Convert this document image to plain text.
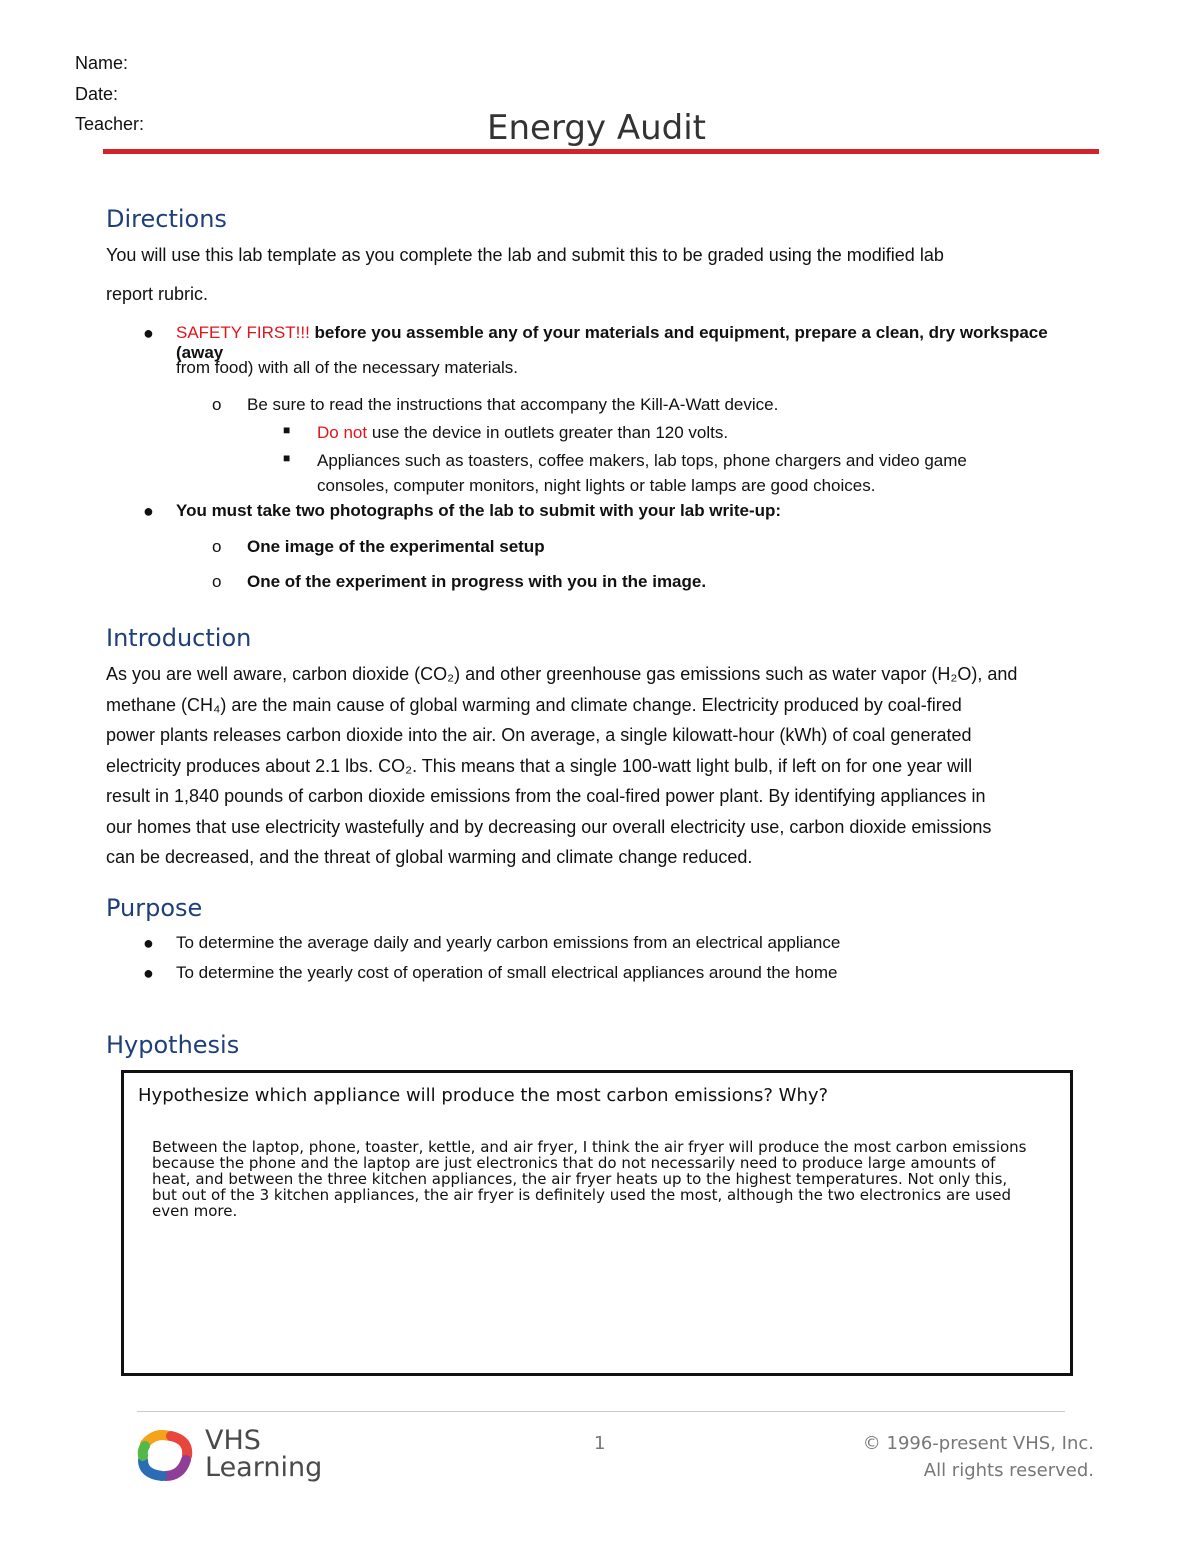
Name:
Date:
Teacher:	Energy Audit
Directions
You will use this lab template as you complete the lab and submit this to be graded using the modified lab
report rubric.
● SAFETY FIRST!!! before you assemble any of your materials and equipment, prepare a clean, dry workspace (away
from food) with all of the necessary materials.
o Be sure to read the instructions that accompany the Kill-A-Watt device.
■ Do not use the device in outlets greater than 120 volts.
■ Appliances such as toasters, coffee makers, lab tops, phone chargers and video game
consoles, computer monitors, night lights or table lamps are good choices.
● You must take two photographs of the lab to submit with your lab write-up:
o One image of the experimental setup
o One of the experiment in progress with you in the image.
Introduction
As you are well aware, carbon dioxide (CO₂) and other greenhouse gas emissions such as water vapor (H₂O), and
methane (CH₄) are the main cause of global warming and climate change. Electricity produced by coal-fired
power plants releases carbon dioxide into the air. On average, a single kilowatt-hour (kWh) of coal generated
electricity produces about 2.1 lbs. CO₂. This means that a single 100-watt light bulb, if left on for one year will
result in 1,840 pounds of carbon dioxide emissions from the coal-fired power plant. By identifying appliances in
our homes that use electricity wastefully and by decreasing our overall electricity use, carbon dioxide emissions
can be decreased, and the threat of global warming and climate change reduced.
Purpose
● To determine the average daily and yearly carbon emissions from an electrical appliance
● To determine the yearly cost of operation of small electrical appliances around the home
Hypothesis
Hypothesize which appliance will produce the most carbon emissions? Why?
Between the laptop, phone, toaster, kettle, and air fryer, I think the air fryer will produce the most carbon emissions
because the phone and the laptop are just electronics that do not necessarily need to produce large amounts of
heat, and between the three kitchen appliances, the air fryer heats up to the highest temperatures. Not only this,
but out of the 3 kitchen appliances, the air fryer is definitely used the most, although the two electronics are used
even more.
VHS
Learning
1	© 1996-present VHS, Inc.
All rights reserved.
